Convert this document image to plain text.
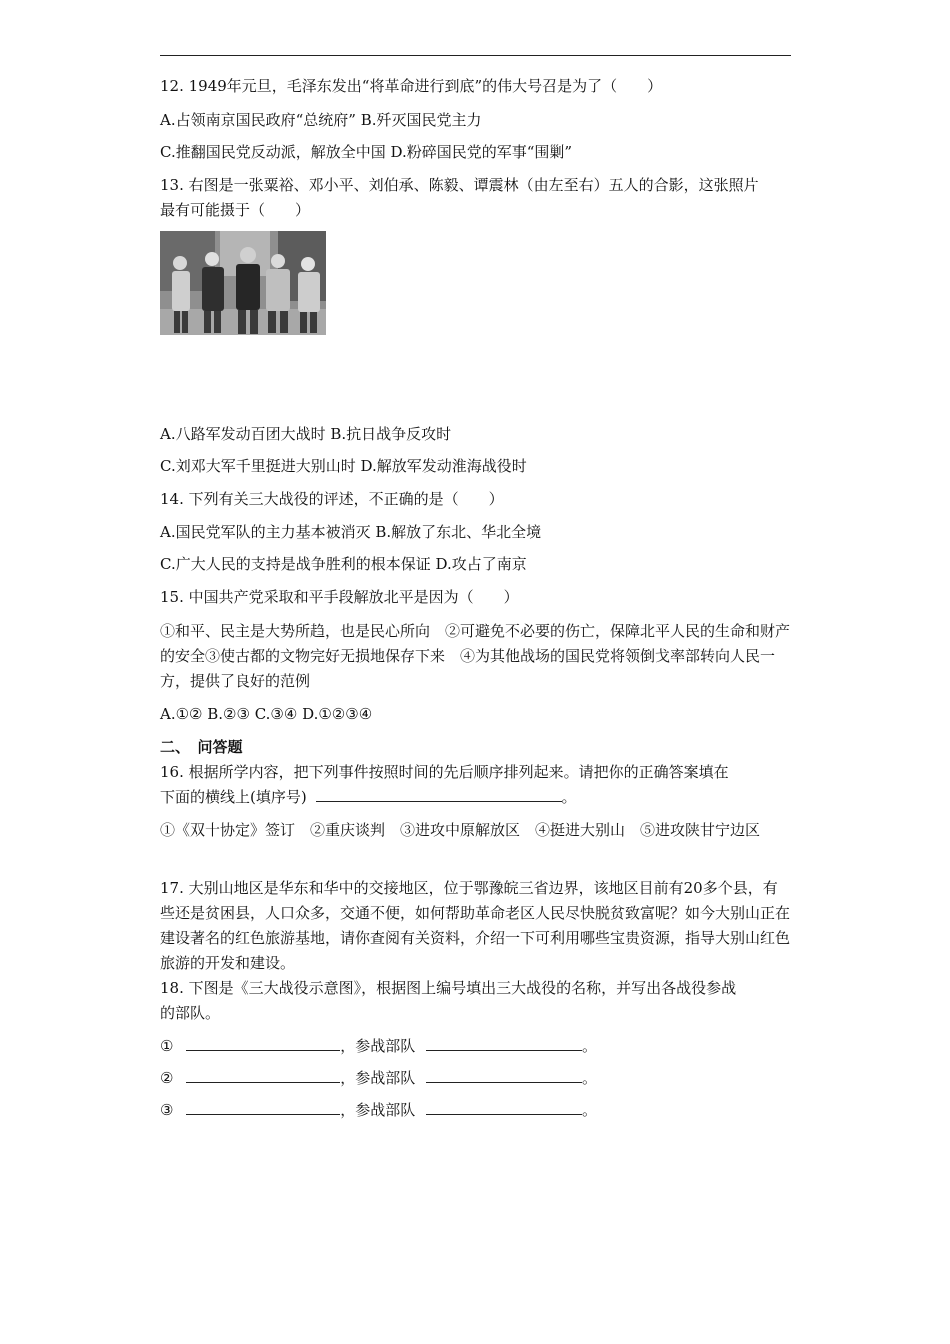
12. 1949年元旦，毛泽东发出“将革命进行到底”的伟大号召是为了（　　）
A.占领南京国民政府“总统府” B.歼灭国民党主力
C.推翻国民党反动派，解放全中国 D.粉碎国民党的军事“围剿”
13. 右图是一张粟裕、邓小平、刘伯承、陈毅、谭震林（由左至右）五人的合影，这张照片
最有可能摄于（　　）
A.八路军发动百团大战时 B.抗日战争反攻时
C.刘邓大军千里挺进大别山时 D.解放军发动淮海战役时
14. 下列有关三大战役的评述，不正确的是（　　）
A.国民党军队的主力基本被消灭 B.解放了东北、华北全境
C.广大人民的支持是战争胜利的根本保证 D.攻占了南京
15. 中国共产党采取和平手段解放北平是因为（　　）
①和平、民主是大势所趋，也是民心所向　②可避免不必要的伤亡，保障北平人民的生命和财产的安全③使古都的文物完好无损地保存下来　④为其他战场的国民党将领倒戈率部转向人民一方，提供了良好的范例
A.①② B.②③ C.③④ D.①②③④
二、　问答题
16. 根据所学内容，把下列事件按照时间的先后顺序排列起来。请把你的正确答案填在
下面的横线上(填序号)	。
①《双十协定》签订　②重庆谈判　③进攻中原解放区　④挺进大别山　⑤进攻陕甘宁边区
17. 大别山地区是华东和华中的交接地区，位于鄂豫皖三省边界，该地区目前有20多个县，有些还是贫困县，人口众多，交通不便，如何帮助革命老区人民尽快脱贫致富呢？如今大别山正在建设著名的红色旅游基地，请你查阅有关资料，介绍一下可利用哪些宝贵资源，指导大别山红色旅游的开发和建设。
18. 下图是《三大战役示意图》，根据图上编号填出三大战役的名称，并写出各战役参战
的部队。
①	，参战部队	。
②	，参战部队	。
③	，参战部队	。
